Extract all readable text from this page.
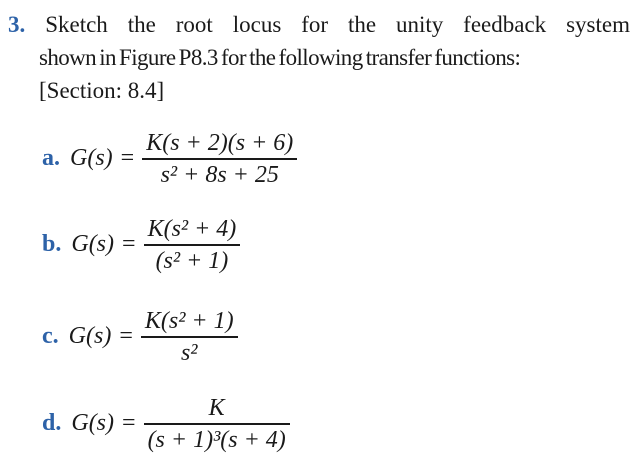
3. Sketch the root locus for the unity feedback system
shown in Figure P8.3 for the following transfer functions:
[Section: 8.4]
a. $G(s) = \frac{K(s + 2)(s + 6)}{\text{s² + 8s + 25}}$
b. $G(s) = \frac{\text{K(s² + 4)}}{\text{(s² + 1)}}$
c. $G(s) = \frac{\text{K(s² + 1)}}{\text{s²}}$
d. $G(s) = \frac{K}{\text{(s + 1)³(s + 4)}}$
